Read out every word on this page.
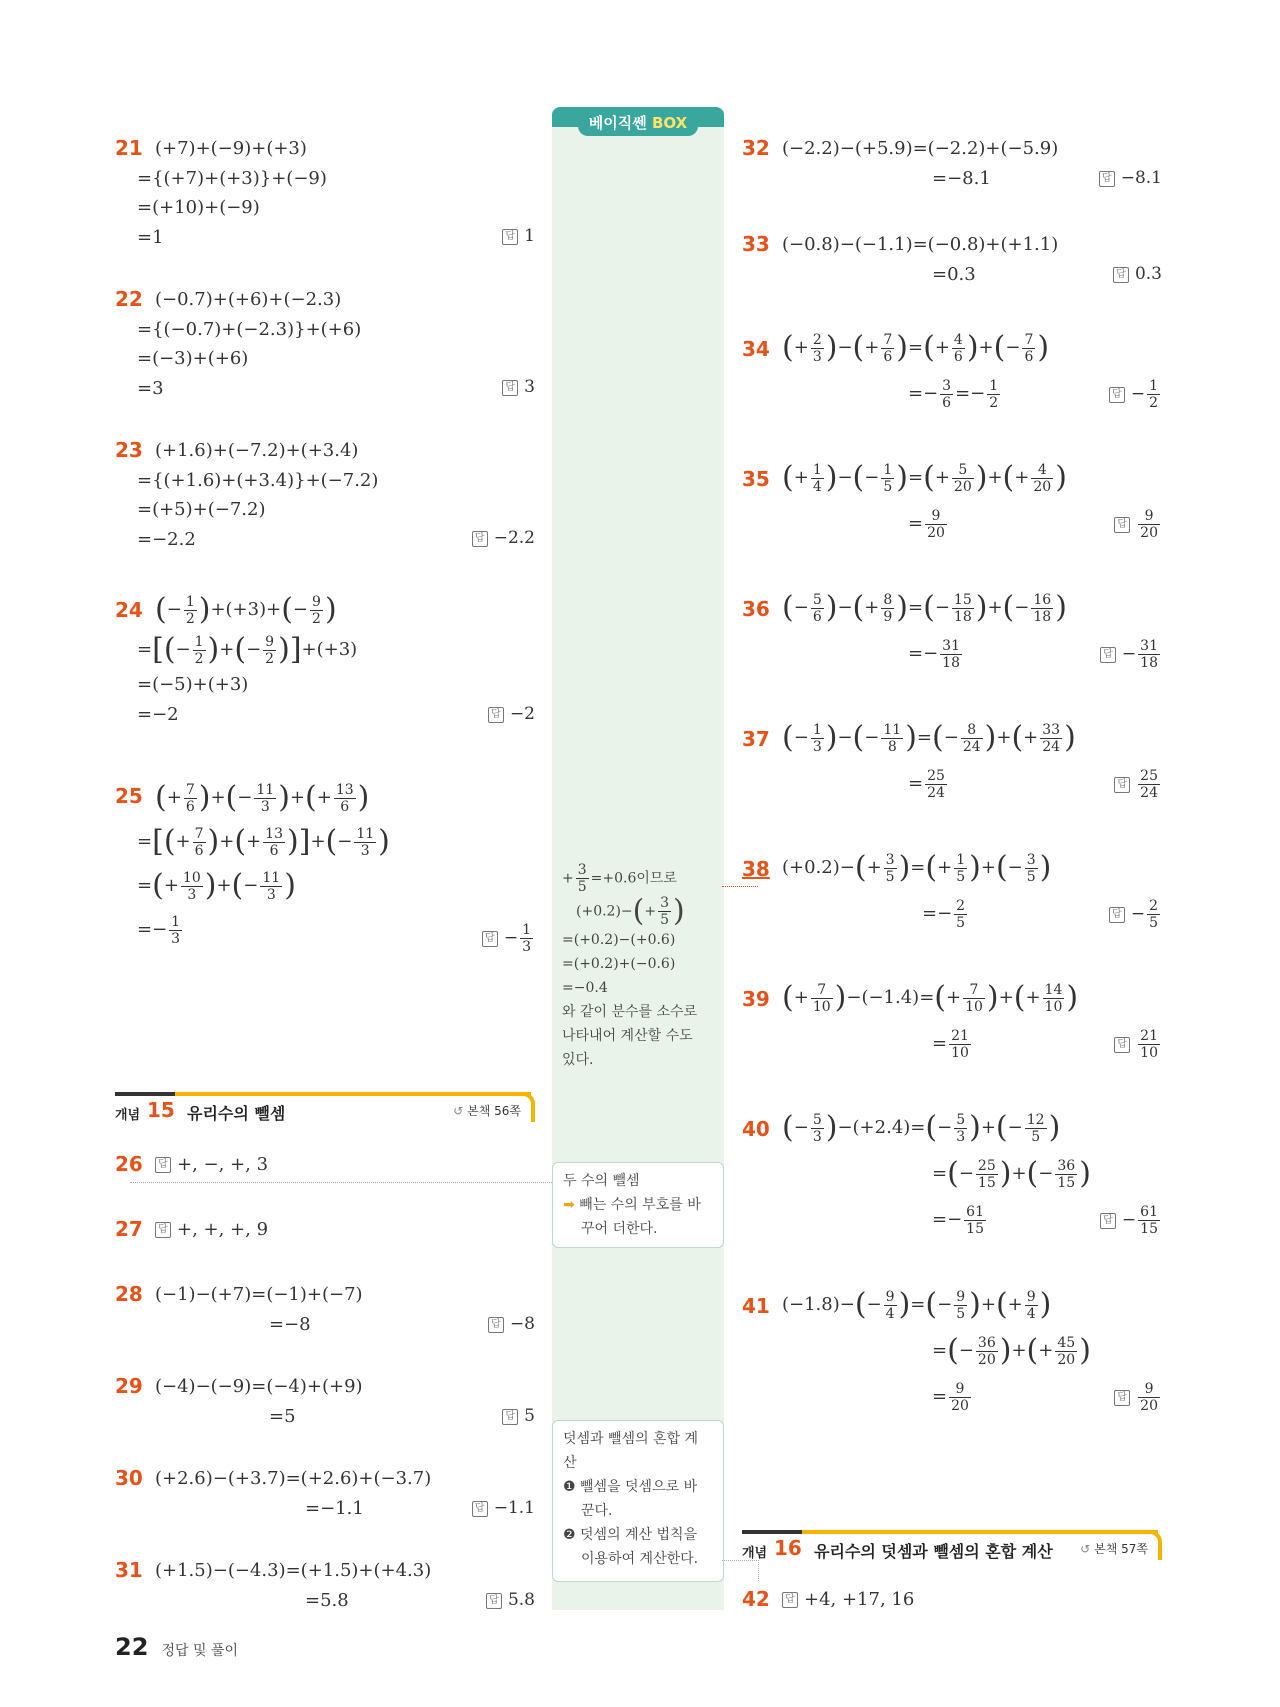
베이직쎈 BOX
+ $\frac{3}{5} =+0.6$이므로
$(+0.2)-(+ \frac{3}{5}$ )
=(+0.2)−(+0.6)
=(+0.2)+(−0.6)
=−0.4
와 같이 분수를 소수로
나타내어 계산할 수도
있다.
두 수의 뺄셈
➡ 빼는 수의 부호를 바
꾸어 더한다.
덧셈과 뺄셈의 혼합 계
산
❶ 뺄셈을 덧셈으로 바
꾼다.
❷ 덧셈의 계산 법칙을
이용하여 계산한다.
21 (+7)+(−9)+(+3)
={(+7)+(+3)}+(−9)
=(+10)+(−9)
=1	답 1
22 (−0.7)+(+6)+(−2.3)
={(−0.7)+(−2.3)}+(+6)
=(−3)+(+6)
=3	답 3
23 (+1.6)+(−7.2)+(+3.4)
={(+1.6)+(+3.4)}+(−7.2)
=(+5)+(−7.2)
=−2.2	답 −2.2
24 (− $\frac{1}{2} )+(+3)+(- \frac{9}{2}$ )
=[(− $\frac{1}{2}$ )+(− $\frac{9}{2} )]+(+3)$
=(−5)+(+3)
=−2	답 −2
25 (+ $\frac{7}{6}$ )+(− $\frac{11}{3}$ )+(+ $\frac{13}{6}$ )
=[(+ $\frac{7}{6}$ )+(+ $\frac{13}{6}$ )]+(− $\frac{11}{3}$ )
=(+ $\frac{10}{3}$ )+(− $\frac{11}{3}$ )
=− $\frac{1}{3}$	답 − $\frac{1}{3}$
개념 15 유리수의 뺄셈	↺ 본책 56쪽
26	답 +, −, +, 3
27	답 +, +, +, 9
28 (−1)−(+7)=(−1)+(−7)
=−8	답 −8
29 (−4)−(−9)=(−4)+(+9)
=5	답 5
30 (+2.6)−(+3.7)=(+2.6)+(−3.7)
=−1.1	답 −1.1
31 (+1.5)−(−4.3)=(+1.5)+(+4.3)
=5.8	답 5.8
32 (−2.2)−(+5.9)=(−2.2)+(−5.9)
=−8.1	답 −8.1
33 (−0.8)−(−1.1)=(−0.8)+(+1.1)
=0.3	답 0.3
34 (+ $\frac{2}{3}$ )−(+ $\frac{7}{6}$ )=(+ $\frac{4}{6}$ )+(− $\frac{7}{6}$ )
=− $\frac{3}{6} =- \frac{1}{2}$	답 − $\frac{1}{2}$
35 (+ $\frac{1}{4}$ )−(− $\frac{1}{5}$ )=(+ $\frac{5}{20}$ )+(+ $\frac{4}{20}$ )
= $\frac{9}{20}$	답 $\frac{9}{20}$
36 (− $\frac{5}{6}$ )−(+ $\frac{8}{9}$ )=(− $\frac{15}{18}$ )+(− $\frac{16}{18}$ )
=− $\frac{31}{18}$	답 − $\frac{31}{18}$
37 (− $\frac{1}{3}$ )−(− $\frac{11}{8}$ )=(− $\frac{8}{24}$ )+(+ $\frac{33}{24}$ )
= $\frac{25}{24}$	답 $\frac{25}{24}$
38 $(+0.2)-(+ \frac{3}{5}$ )=(+ $\frac{1}{5}$ )+(− $\frac{3}{5}$ )
=− $\frac{2}{5}$	답 − $\frac{2}{5}$
39 (+ $\frac{7}{10} )-(-1.4)=(+ \frac{7}{10}$ )+(+ $\frac{14}{10}$ )
= $\frac{21}{10}$	답 $\frac{21}{10}$
40 (− $\frac{5}{3} )-(+2.4)=(- \frac{5}{3}$ )+(− $\frac{12}{5}$ )
=(− $\frac{25}{15}$ )+(− $\frac{36}{15}$ )
=− $\frac{61}{15}$	답 − $\frac{61}{15}$
41 $(-1.8)-(- \frac{9}{4}$ )=(− $\frac{9}{5}$ )+(+ $\frac{9}{4}$ )
=(− $\frac{36}{20}$ )+(+ $\frac{45}{20}$ )
= $\frac{9}{20}$	답 $\frac{9}{20}$
개념 16 유리수의 덧셈과 뺄셈의 혼합 계산 ↺ 본책 57쪽
42	답 +4, +17, 16
22 정답 및 풀이
